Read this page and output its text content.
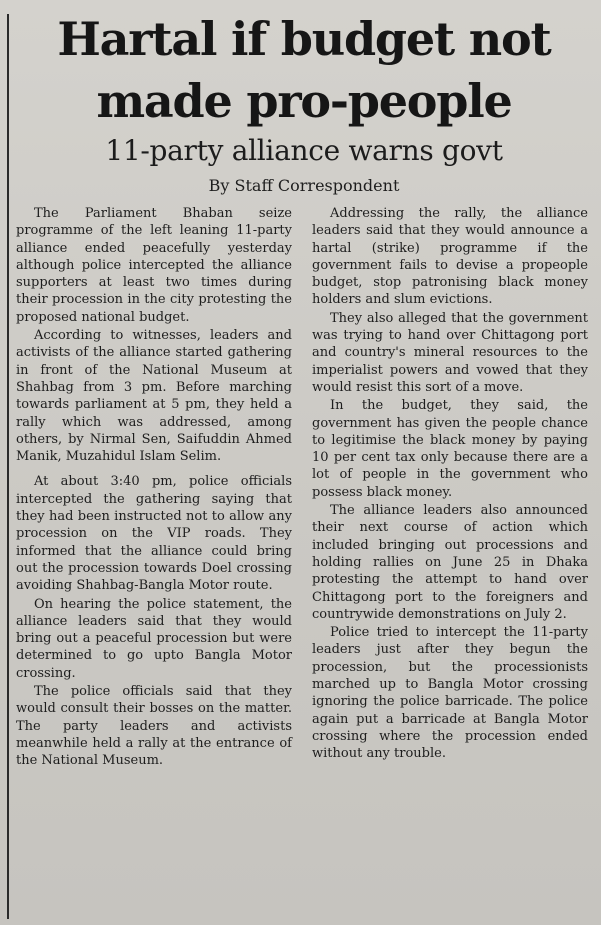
Hartal if budget not
made pro-people
11-party alliance warns govt
By Staff Correspondent

The Parliament Bhaban seize programme of the left leaning 11-party alliance ended peacefully yesterday although police intercepted the alliance supporters at least two times during their procession in the city protesting the proposed national budget.

According to witnesses, leaders and activists of the alliance started gathering in front of the National Museum at Shahbag from 3 pm. Before marching towards parliament at 5 pm, they held a rally which was addressed, among others, by Nirmal Sen, Saifuddin Ahmed Manik, Muzahidul Islam Selim.

At about 3:40 pm, police officials intercepted the gathering saying that they had been instructed not to allow any procession on the VIP roads. They informed that the alliance could bring out the procession towards Doel crossing avoiding Shahbag-Bangla Motor route.

On hearing the police statement, the alliance leaders said that they would bring out a peaceful procession but were determined to go upto Bangla Motor crossing.

The police officials said that they would consult their bosses on the matter. The party leaders and activists meanwhile held a rally at the entrance of the National Museum.

Addressing the rally, the alliance leaders said that they would announce a hartal (strike) programme if the government fails to devise a propeople budget, stop patronising black money holders and slum evictions.

They also alleged that the government was trying to hand over Chittagong port and country's mineral resources to the imperialist powers and vowed that they would resist this sort of a move.

In the budget, they said, the government has given the people chance to legitimise the black money by paying 10 per cent tax only because there are a lot of people in the government who possess black money.

The alliance leaders also announced their next course of action which included bringing out processions and holding rallies on June 25 in Dhaka protesting the attempt to hand over Chittagong port to the foreigners and countrywide demonstrations on July 2.

Police tried to intercept the 11-party leaders just after they begun the procession, but the processionists marched up to Bangla Motor crossing ignoring the police barricade. The police again put a barricade at Bangla Motor crossing where the procession ended without any trouble.
